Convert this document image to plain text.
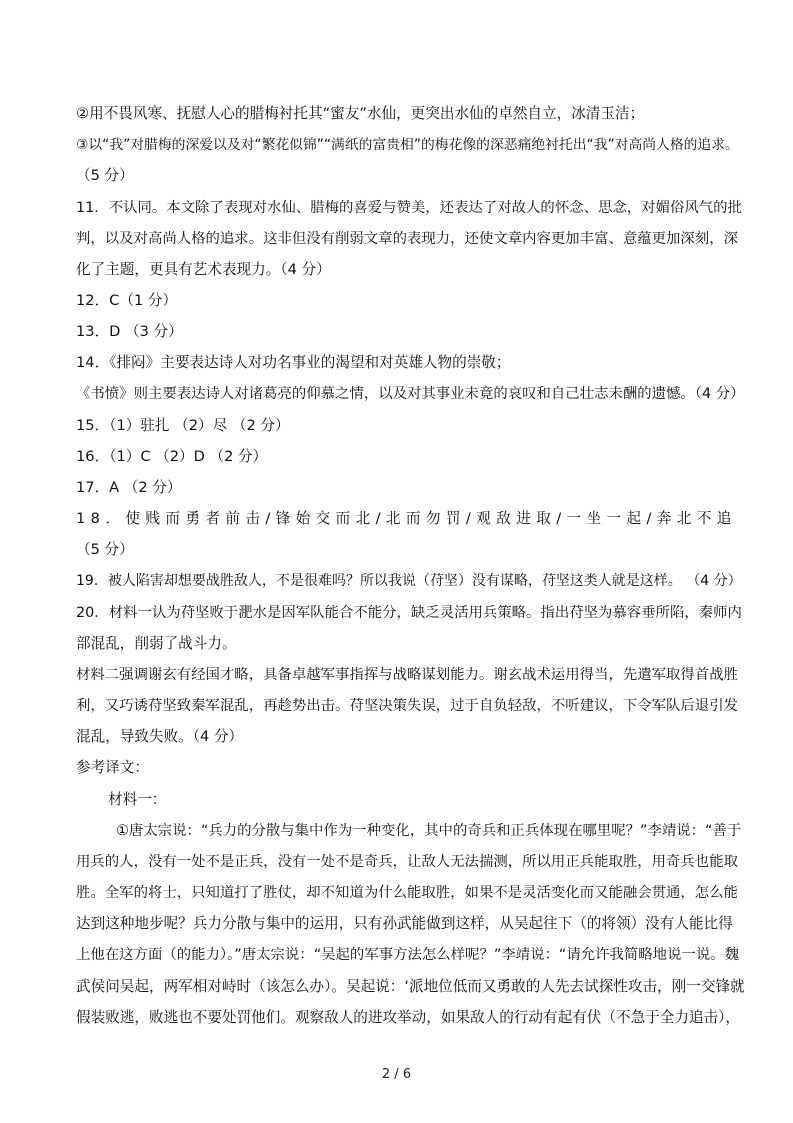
②用不畏风寒、抚慰人心的腊梅衬托其“蜜友”水仙，更突出水仙的卓然自立，冰清玉洁；
③以“我”对腊梅的深爱以及对“繁花似锦”“满纸的富贵相”的梅花像的深恶痛绝衬托出“我”对高尚人格的追求。
（5 分）
11．不认同。本文除了表现对水仙、腊梅的喜爱与赞美，还表达了对故人的怀念、思念，对媚俗风气的批
判，以及对高尚人格的追求。这非但没有削弱文章的表现力，还使文章内容更加丰富、意蕴更加深刻，深
化了主题，更具有艺术表现力。（4 分）
12．C（1 分）
13．D （3 分）
14．《排闷》主要表达诗人对功名事业的渴望和对英雄人物的崇敬；
《书愤》则主要表达诗人对诸葛亮的仰慕之情，以及对其事业未竟的哀叹和自己壮志未酬的遗憾。（4 分）
15．（1）驻扎 （2）尽 （2 分）
16．（1）C （2）D （2 分）
17．A （2 分）
18．使贱而勇者前击/锋始交而北/北而勿罚/观敌进取/一坐一起/奔北不追
（5 分）
19．被人陷害却想要战胜敌人，不是很难吗？所以我说（苻坚）没有谋略，苻坚这类人就是这样。 （4 分）
20．材料一认为苻坚败于淝水是因军队能合不能分，缺乏灵活用兵策略。指出苻坚为慕容垂所陷，秦师内
部混乱，削弱了战斗力。
材料二强调谢玄有经国才略，具备卓越军事指挥与战略谋划能力。谢玄战术运用得当，先遣军取得首战胜
利，又巧诱苻坚致秦军混乱，再趁势出击。苻坚决策失误，过于自负轻敌，不听建议，下令军队后退引发
混乱，导致失败。（4 分）
参考译文：
材料一：
①唐太宗说：“兵力的分散与集中作为一种变化，其中的奇兵和正兵体现在哪里呢？”李靖说：“善于
用兵的人，没有一处不是正兵，没有一处不是奇兵，让敌人无法揣测，所以用正兵能取胜，用奇兵也能取
胜。全军的将士，只知道打了胜仗，却不知道为什么能取胜，如果不是灵活变化而又能融会贯通，怎么能
达到这种地步呢？兵力分散与集中的运用，只有孙武能做到这样，从吴起往下（的将领）没有人能比得
上他在这方面（的能力）。”唐太宗说：“吴起的军事方法怎么样呢？”李靖说：“请允许我简略地说一说。魏
武侯问吴起，两军相对峙时（该怎么办）。吴起说：‘派地位低而又勇敢的人先去试探性攻击，刚一交锋就
假装败逃，败逃也不要处罚他们。观察敌人的进攻举动，如果敌人的行动有起有伏（不急于全力追击），
2 / 6
